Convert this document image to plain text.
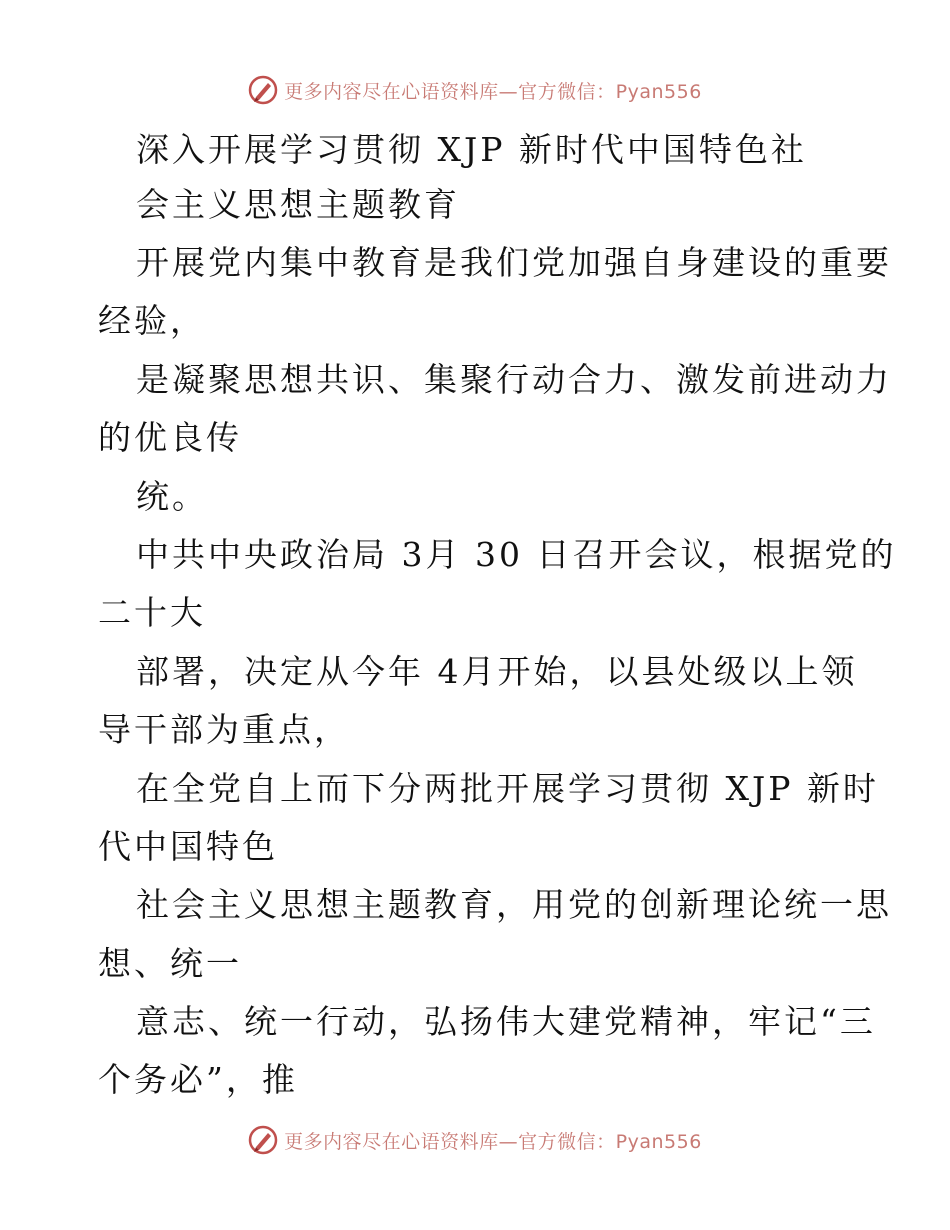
更多内容尽在心语资料库—官方微信：Pyan556
深入开展学习贯彻 XJP 新时代中国特色社
会主义思想主题教育
开展党内集中教育是我们党加强自身建设的重要
经验，
是凝聚思想共识、集聚行动合力、激发前进动力
的优良传
统。
中共中央政治局 3月 30 日召开会议，根据党的
二十大
部署，决定从今年 4月开始，以县处级以上领
导干部为重点，
在全党自上而下分两批开展学习贯彻 XJP 新时
代中国特色
社会主义思想主题教育，用党的创新理论统一思
想、统一
意志、统一行动，弘扬伟大建党精神，牢记“三
个务必”，推
更多内容尽在心语资料库—官方微信：Pyan556
